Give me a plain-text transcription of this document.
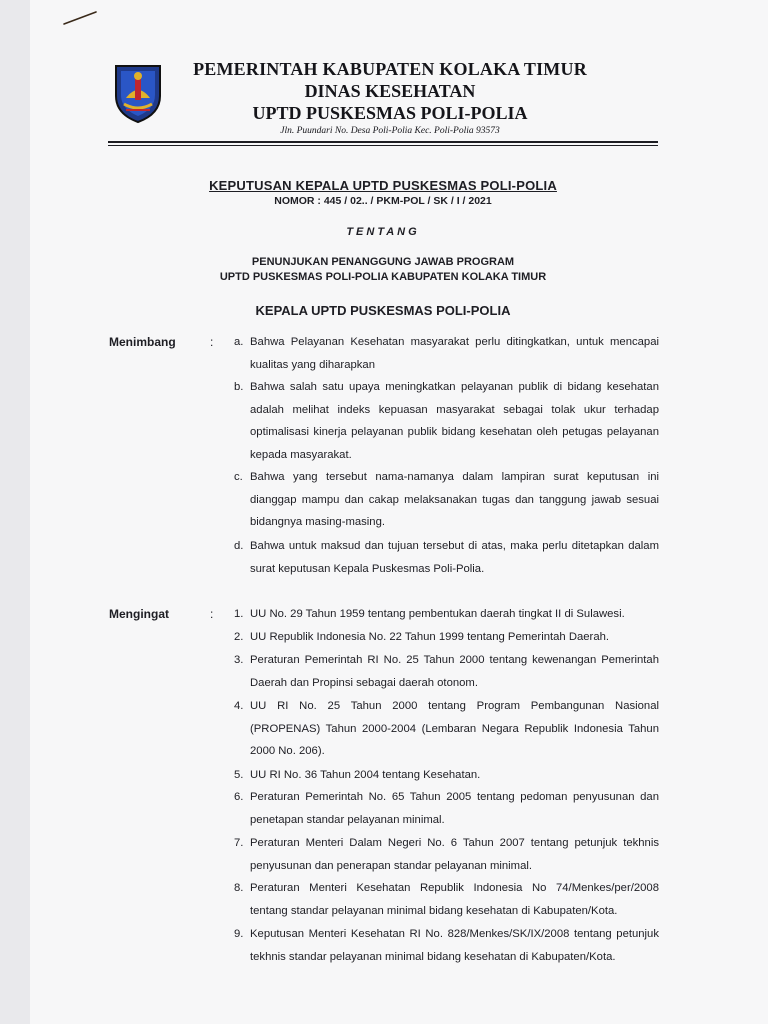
PEMERINTAH KABUPATEN KOLAKA TIMUR
DINAS KESEHATAN
UPTD PUSKESMAS POLI-POLIA
Jln. Puundari No. Desa Poli-Polia Kec. Poli-Polia 93573
KEPUTUSAN KEPALA UPTD PUSKESMAS POLI-POLIA
NOMOR : 445 / 02.. / PKM-POL / SK / I / 2021
TENTANG
PENUNJUKAN PENANGGUNG JAWAB PROGRAM
UPTD PUSKESMAS POLI-POLIA KABUPATEN KOLAKA TIMUR
KEPALA UPTD PUSKESMAS POLI-POLIA
Menimbang	: a. Bahwa Pelayanan Kesehatan masyarakat perlu ditingkatkan, untuk mencapai kualitas yang diharapkan
b. Bahwa salah satu upaya meningkatkan pelayanan publik di bidang kesehatan adalah melihat indeks kepuasan masyarakat sebagai tolak ukur terhadap optimalisasi kinerja pelayanan publik bidang kesehatan oleh petugas pelayanan kepada masyarakat.
c. Bahwa yang tersebut nama-namanya dalam lampiran surat keputusan ini dianggap mampu dan cakap melaksanakan tugas dan tanggung jawab sesuai bidangnya masing-masing.
d. Bahwa untuk maksud dan tujuan tersebut di atas, maka perlu ditetapkan dalam surat keputusan Kepala Puskesmas Poli-Polia.
Mengingat	: 1. UU No. 29 Tahun 1959 tentang pembentukan daerah tingkat II di Sulawesi.
2. UU Republik Indonesia No. 22 Tahun 1999 tentang Pemerintah Daerah.
3. Peraturan Pemerintah RI No. 25 Tahun 2000 tentang kewenangan Pemerintah Daerah dan Propinsi sebagai daerah otonom.
4. UU RI No. 25 Tahun 2000 tentang Program Pembangunan Nasional (PROPENAS) Tahun 2000-2004 (Lembaran Negara Republik Indonesia Tahun 2000 No. 206).
5. UU RI No. 36 Tahun 2004 tentang Kesehatan.
6. Peraturan Pemerintah No. 65 Tahun 2005 tentang pedoman penyusunan dan penetapan standar pelayanan minimal.
7. Peraturan Menteri Dalam Negeri No. 6 Tahun 2007 tentang petunjuk tekhnis penyusunan dan penerapan standar pelayanan minimal.
8. Peraturan Menteri Kesehatan Republik Indonesia No 74/Menkes/per/2008 tentang standar pelayanan minimal bidang kesehatan di Kabupaten/Kota.
9. Keputusan Menteri Kesehatan RI No. 828/Menkes/SK/IX/2008 tentang petunjuk tekhnis standar pelayanan minimal bidang kesehatan di Kabupaten/Kota.
